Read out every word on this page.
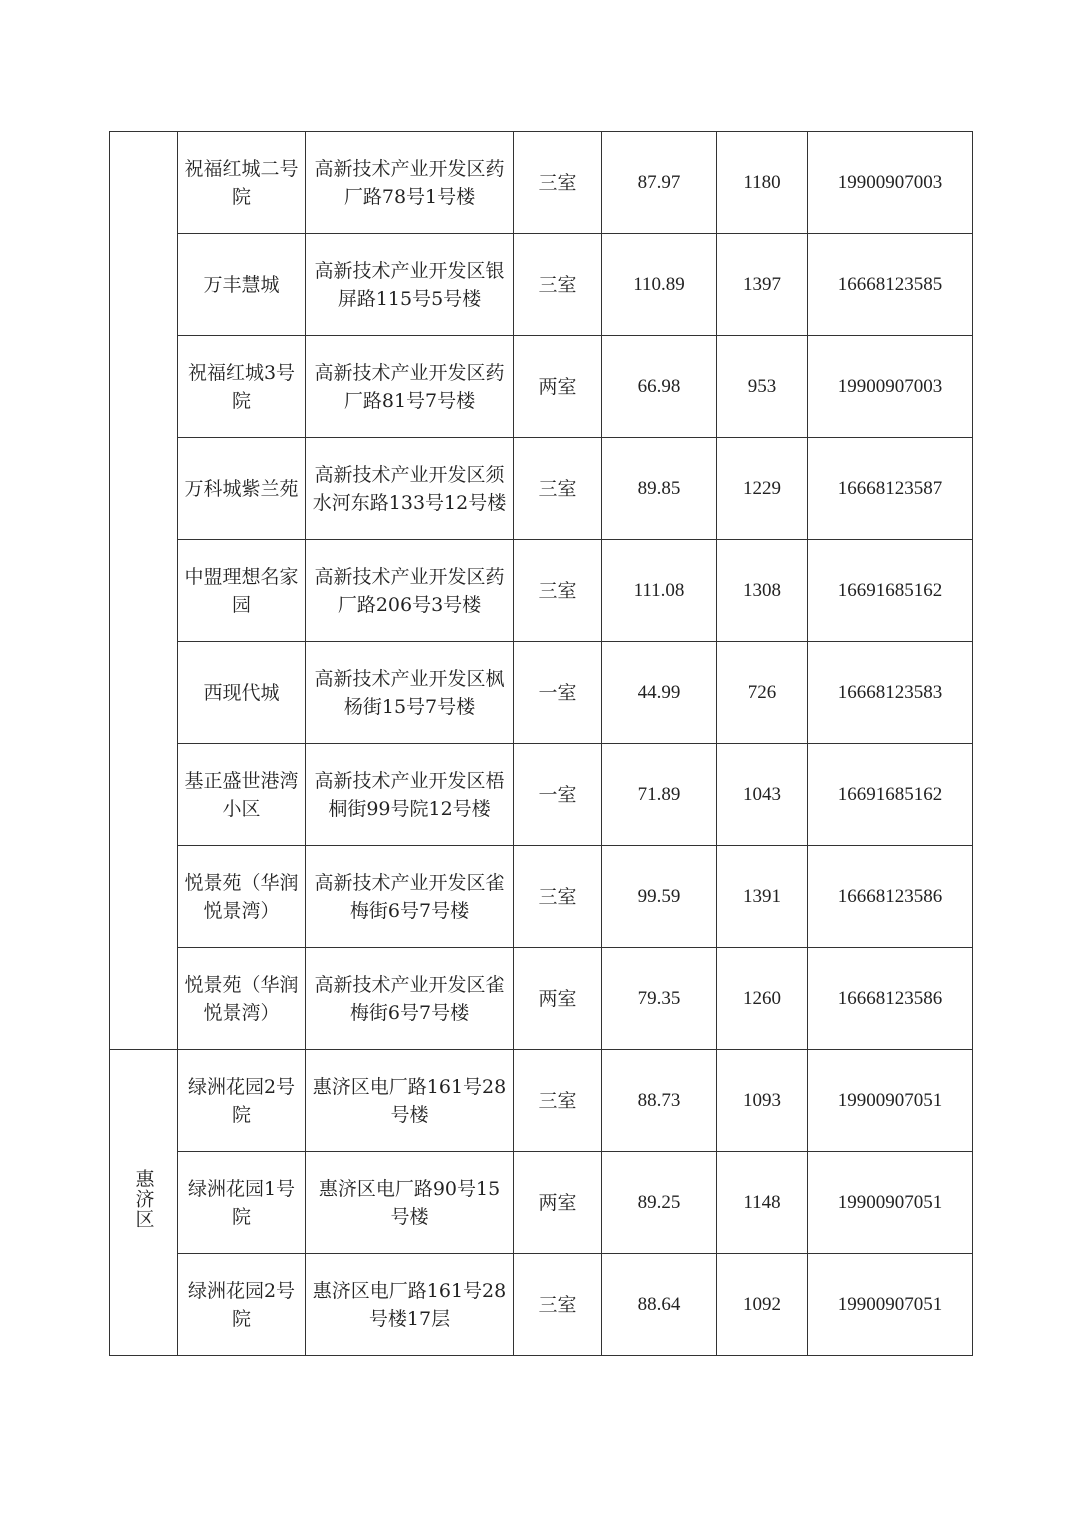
	祝福红城二号院	高新技术产业开发区药厂路78号1号楼	三室	87.97	1180	19900907003
	万丰慧城	高新技术产业开发区银屏路115号5号楼	三室	110.89	1397	16668123585
	祝福红城3号院	高新技术产业开发区药厂路81号7号楼	两室	66.98	953	19900907003
	万科城紫兰苑	高新技术产业开发区须水河东路133号12号楼	三室	89.85	1229	16668123587
	中盟理想名家园	高新技术产业开发区药厂路206号3号楼	三室	111.08	1308	16691685162
	西现代城	高新技术产业开发区枫杨街15号7号楼	一室	44.99	726	16668123583
	基正盛世港湾小区	高新技术产业开发区梧桐街99号院12号楼	一室	71.89	1043	16691685162
	悦景苑（华润悦景湾）	高新技术产业开发区雀梅街6号7号楼	三室	99.59	1391	16668123586
	悦景苑（华润悦景湾）	高新技术产业开发区雀梅街6号7号楼	两室	79.35	1260	16668123586
惠济区	绿洲花园2号院	惠济区电厂路161号28号楼	三室	88.73	1093	19900907051
	绿洲花园1号院	惠济区电厂路90号15号楼	两室	89.25	1148	19900907051
	绿洲花园2号院	惠济区电厂路161号28号楼17层	三室	88.64	1092	19900907051
